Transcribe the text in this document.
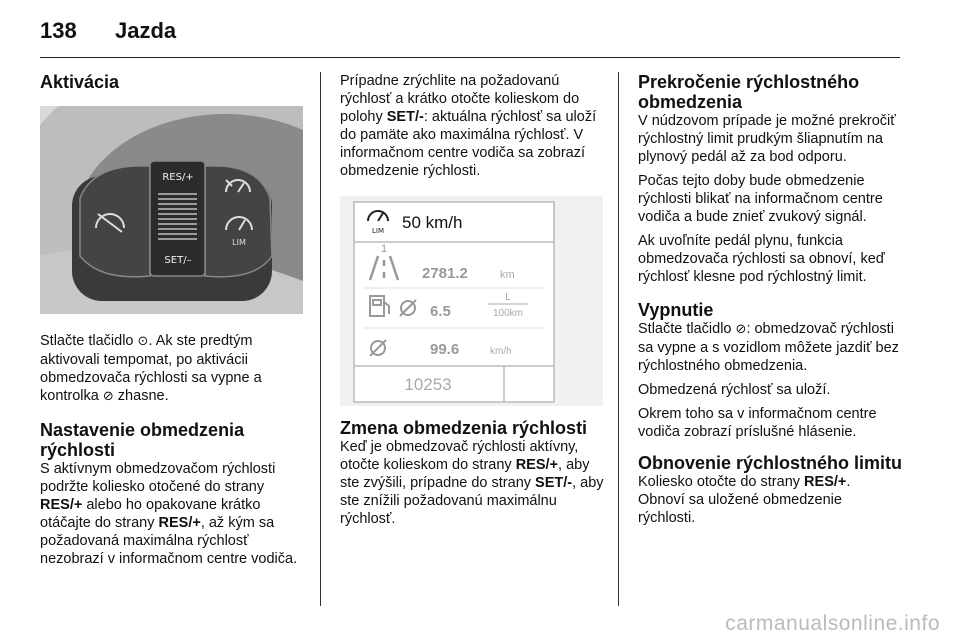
138	Jazda
Aktivácia
RES/+
SET/–
LIM

Stlačte tlačidlo ⊙. Ak ste predtým aktivovali tempomat, po aktivácii obmedzovača rýchlosti sa vypne a kontrolka ⊘ zhasne.

Nastavenie obmedzenia rýchlosti

S aktívnym obmedzovačom rýchlosti podržte koliesko otočené do strany RES/+ alebo ho opakovane krátko otáčajte do strany RES/+, až kým sa požadovaná maximálna rýchlosť nezobrazí v informačnom centre vodiča.

Prípadne zrýchlite na požadovanú rýchlosť a krátko otočte kolieskom do polohy SET/-: aktuálna rýchlosť sa uloží do pamäte ako maximálna rýchlosť. V informačnom centre vodiča sa zobrazí obmedzenie rýchlosti.

LIM 50 km/h
1
2781.2	km
6.5
L
100km
99.6	km/h
10253
Zmena obmedzenia rýchlosti

Keď je obmedzovač rýchlosti aktívny, otočte kolieskom do strany RES/+, aby ste zvýšili, prípadne do strany SET/-, aby ste znížili požadovanú maximálnu rýchlosť.

Prekročenie rýchlostného obmedzenia

V núdzovom prípade je možné prekročiť rýchlostný limit prudkým šliapnutím na plynový pedál až za bod odporu.

Počas tejto doby bude obmedzenie rýchlosti blikať na informačnom centre vodiča a bude znieť zvukový signál.

Ak uvoľníte pedál plynu, funkcia obmedzovača rýchlosti sa obnoví, keď rýchlosť klesne pod rýchlostný limit.

Vypnutie

Stlačte tlačidlo ⊘: obmedzovač rýchlosti sa vypne a s vozidlom môžete jazdiť bez rýchlostného obmedzenia.

Obmedzená rýchlosť sa uloží.

Okrem toho sa v informačnom centre vodiča zobrazí príslušné hlásenie.

Obnovenie rýchlostného limitu

Koliesko otočte do strany RES/+.

Obnoví sa uložené obmedzenie rýchlosti.

carmanualsonline.info
